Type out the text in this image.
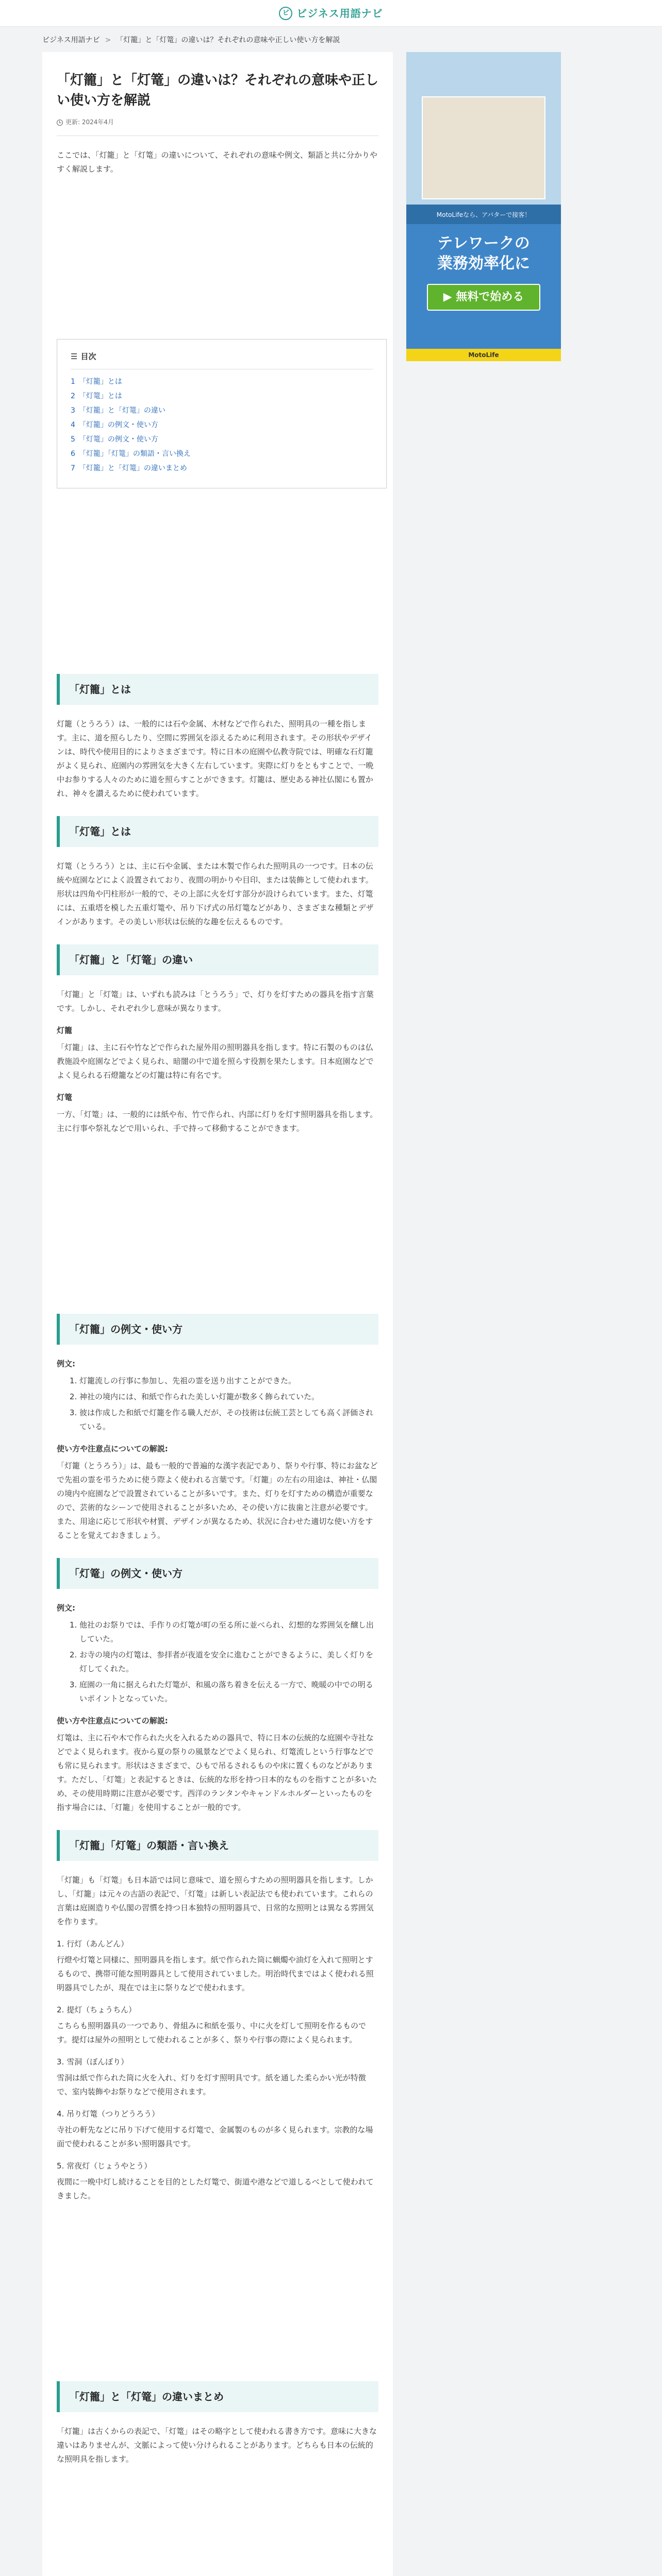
ビ ビジネス用語ナビ
ビジネス用語ナビ > 「灯籠」と「灯篭」の違いは？それぞれの意味や正しい使い方を解説
「灯籠」と「灯篭」の違いは？それぞれの意味や正しい使い方を解説
更新: 2024年4月

ここでは、「灯籠」と「灯篭」の違いについて、それぞれの意味や例文、類語と共に分かりやすく解説します。

☰ 目次
1　「灯籠」とは
2　「灯篭」とは
3　「灯籠」と「灯篭」の違い
4　「灯籠」の例文・使い方
5　「灯篭」の例文・使い方
6　「灯籠」「灯篭」の類語・言い換え
7　「灯籠」と「灯篭」の違いまとめ
「灯籠」とは

灯籠（とうろう）は、一般的には石や金属、木材などで作られた、照明具の一種を指します。主に、道を照らしたり、空間に雰囲気を添えるために利用されます。その形状やデザインは、時代や使用目的によりさまざまです。特に日本の庭園や仏教寺院では、明確な石灯籠がよく見られ、庭園内の雰囲気を大きく左右しています。実際に灯りをともすことで、一晩中お参りする人々のために道を照らすことができます。灯籠は、歴史ある神社仏閣にも置かれ、神々を讃えるために使われています。

「灯篭」とは

灯篭（とうろう）とは、主に石や金属、または木製で作られた照明具の一つです。日本の伝統や庭園などによく設置されており、夜間の明かりや目印、または装飾として使われます。形状は四角や円柱形が一般的で、その上部に火を灯す部分が設けられています。また、灯篭には、五重塔を模した五重灯篭や、吊り下げ式の吊灯篭などがあり、さまざまな種類とデザインがあります。その美しい形状は伝統的な趣を伝えるものです。

「灯籠」と「灯篭」の違い

「灯籠」と「灯篭」は、いずれも読みは「とうろう」で、灯りを灯すための器具を指す言葉です。しかし、それぞれ少し意味が異なります。

灯籠

「灯籠」は、主に石や竹などで作られた屋外用の照明器具を指します。特に石製のものは仏教施設や庭園などでよく見られ、暗闇の中で道を照らす役割を果たします。日本庭園などでよく見られる石燈籠などの灯籠は特に有名です。

灯篭

一方、「灯篭」は、一般的には紙や布、竹で作られ、内部に灯りを灯す照明器具を指します。主に行事や祭礼などで用いられ、手で持って移動することができます。

「灯籠」の例文・使い方
例文:
1. 灯籠流しの行事に参加し、先祖の霊を送り出すことができた。
2. 神社の境内には、和紙で作られた美しい灯籠が数多く飾られていた。
3. 彼は作成した和紙で灯籠を作る職人だが、その技術は伝統工芸としても高く評価されている。
使い方や注意点についての解説:

「灯籠（とうろう）」は、最も一般的で普遍的な漢字表記であり、祭りや行事、特にお盆などで先祖の霊を弔うために使う際よく使われる言葉です。「灯籠」の左右の用途は、神社・仏閣の境内や庭園などで設置されていることが多いです。また、灯りを灯すための構造が重要なので、芸術的なシーンで使用されることが多いため、その使い方に抜歯と注意が必要です。また、用途に応じて形状や材質、デザインが異なるため、状況に合わせた適切な使い方をすることを覚えておきましょう。

「灯篭」の例文・使い方
例文:
1. 他社のお祭りでは、手作りの灯篭が町の至る所に並べられ、幻想的な雰囲気を醸し出していた。
2. お寺の境内の灯篭は、参拝者が夜道を安全に進むことができるように、美しく灯りを灯してくれた。
3. 庭園の一角に据えられた灯篭が、和風の落ち着きを伝える一方で、晩暖の中での明るいポイントとなっていた。
使い方や注意点についての解説:

灯篭は、主に石や木で作られた火を入れるための器具で、特に日本の伝統的な庭園や寺社などでよく見られます。夜から夏の祭りの風景などでよく見られ、灯篭流しという行事などでも常に見られます。形状はさまざまで、ひもで吊るされるものや床に置くものなどがあります。ただし、「灯篭」と表記するときは、伝統的な形を持つ日本的なものを指すことが多いため、その使用時期に注意が必要です。西洋のランタンやキャンドルホルダーといったものを指す場合には、「灯籠」を使用することが一般的です。

「灯籠」「灯篭」の類語・言い換え

「灯籠」も「灯篭」も日本語では同じ意味で、道を照らすための照明器具を指します。しかし、「灯籠」は元々の古語の表記で、「灯篭」は新しい表記法でも使われています。これらの言葉は庭園造りや仏閣の習慣を持つ日本独特の照明器具で、日常的な照明とは異なる雰囲気を作ります。

1. 行灯（あんどん）

行燈や灯篭と同様に、照明器具を指します。紙で作られた筒に蝋燭や油灯を入れて照明とするもので、携帯可能な照明器具として使用されていました。明治時代まではよく使われる照明器具でしたが、現在では主に祭りなどで使われます。

2. 提灯（ちょうちん）

こちらも照明器具の一つであり、骨組みに和紙を張り、中に火を灯して照明を作るものです。提灯は屋外の照明として使われることが多く、祭りや行事の際によく見られます。

3. 雪洞（ぼんぼり）

雪洞は紙で作られた筒に火を入れ、灯りを灯す照明具です。紙を通した柔らかい光が特徴で、室内装飾やお祭りなどで使用されます。

4. 吊り灯篭（つりどうろう）

寺社の軒先などに吊り下げて使用する灯篭で、金属製のものが多く見られます。宗教的な場面で使われることが多い照明器具です。

5. 常夜灯（じょうやとう）

夜間に一晩中灯し続けることを目的とした灯篭で、街道や港などで道しるべとして使われてきました。

「灯籠」と「灯篭」の違いまとめ

「灯籠」は古くからの表記で、「灯篭」はその略字として使われる書き方です。意味に大きな違いはありませんが、文脈によって使い分けられることがあります。どちらも日本の伝統的な照明具を指します。

MotoLifeなら、アバターで接客！
テレワークの
業務効率化に
▶ 無料で始める
MotoLife
